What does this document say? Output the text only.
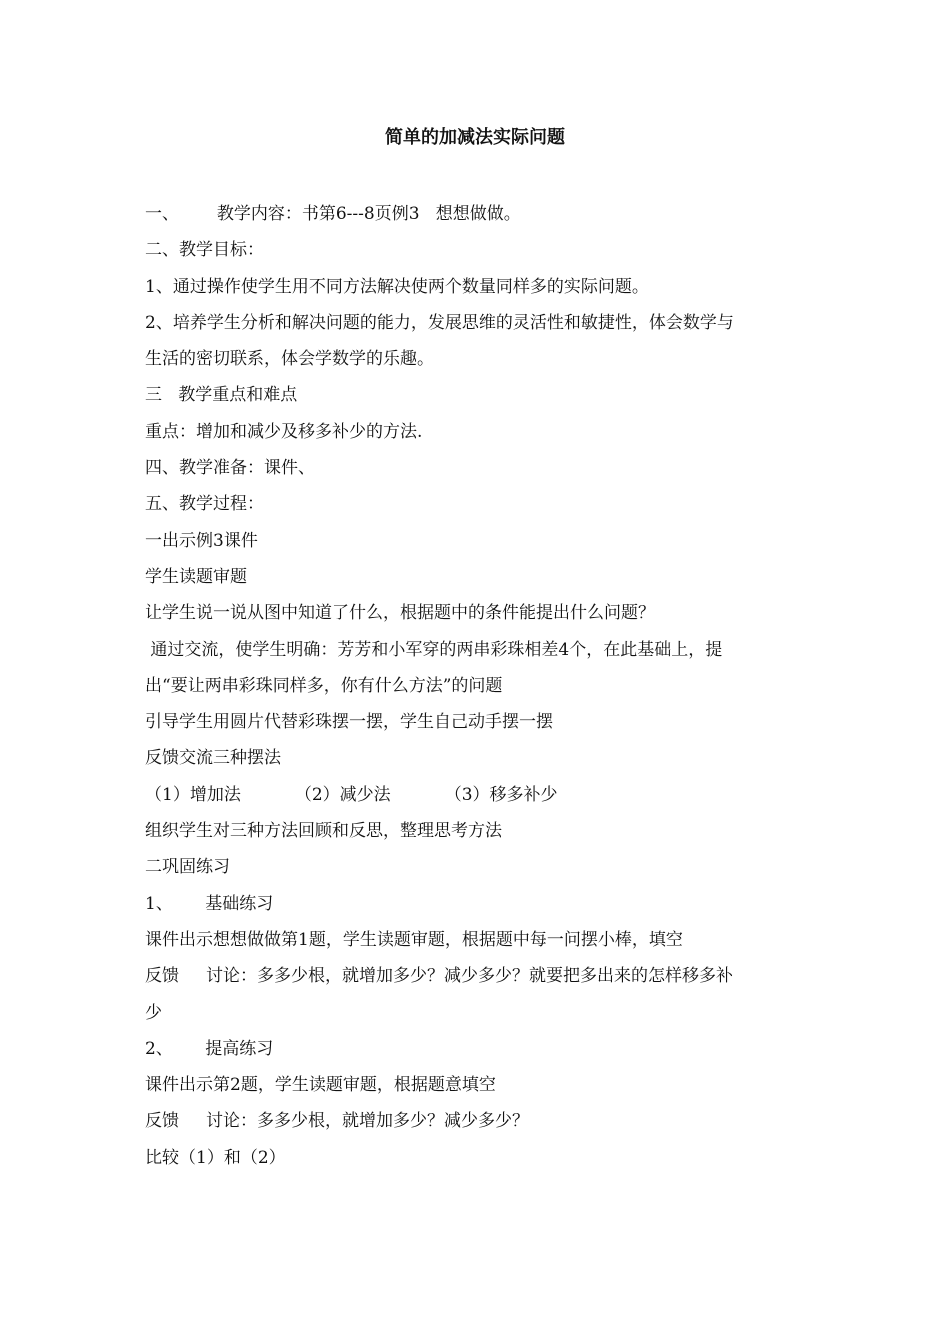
简单的加减法实际问题
一、       教学内容：书第6---8页例3   想想做做。
二、教学目标：
1、通过操作使学生用不同方法解决使两个数量同样多的实际问题。
2、培养学生分析和解决问题的能力，发展思维的灵活性和敏捷性，体会数学与
生活的密切联系，体会学数学的乐趣。
三   教学重点和难点
重点：增加和减少及移多补少的方法.
四、教学准备：课件、
五、教学过程：
一出示例3课件
学生读题审题
让学生说一说从图中知道了什么，根据题中的条件能提出什么问题？
通过交流，使学生明确：芳芳和小军穿的两串彩珠相差4个，在此基础上，提
出“要让两串彩珠同样多，你有什么方法”的问题
引导学生用圆片代替彩珠摆一摆，学生自己动手摆一摆
反馈交流三种摆法
（1）增加法          （2）减少法          （3）移多补少
组织学生对三种方法回顾和反思，整理思考方法
二巩固练习
1、      基础练习
课件出示想想做做第1题，学生读题审题，根据题中每一问摆小棒，填空
反馈     讨论：多多少根，就增加多少？减少多少？就要把多出来的怎样移多补
少
2、      提高练习
课件出示第2题，学生读题审题，根据题意填空
反馈     讨论：多多少根，就增加多少？减少多少？
比较（1）和（2）
